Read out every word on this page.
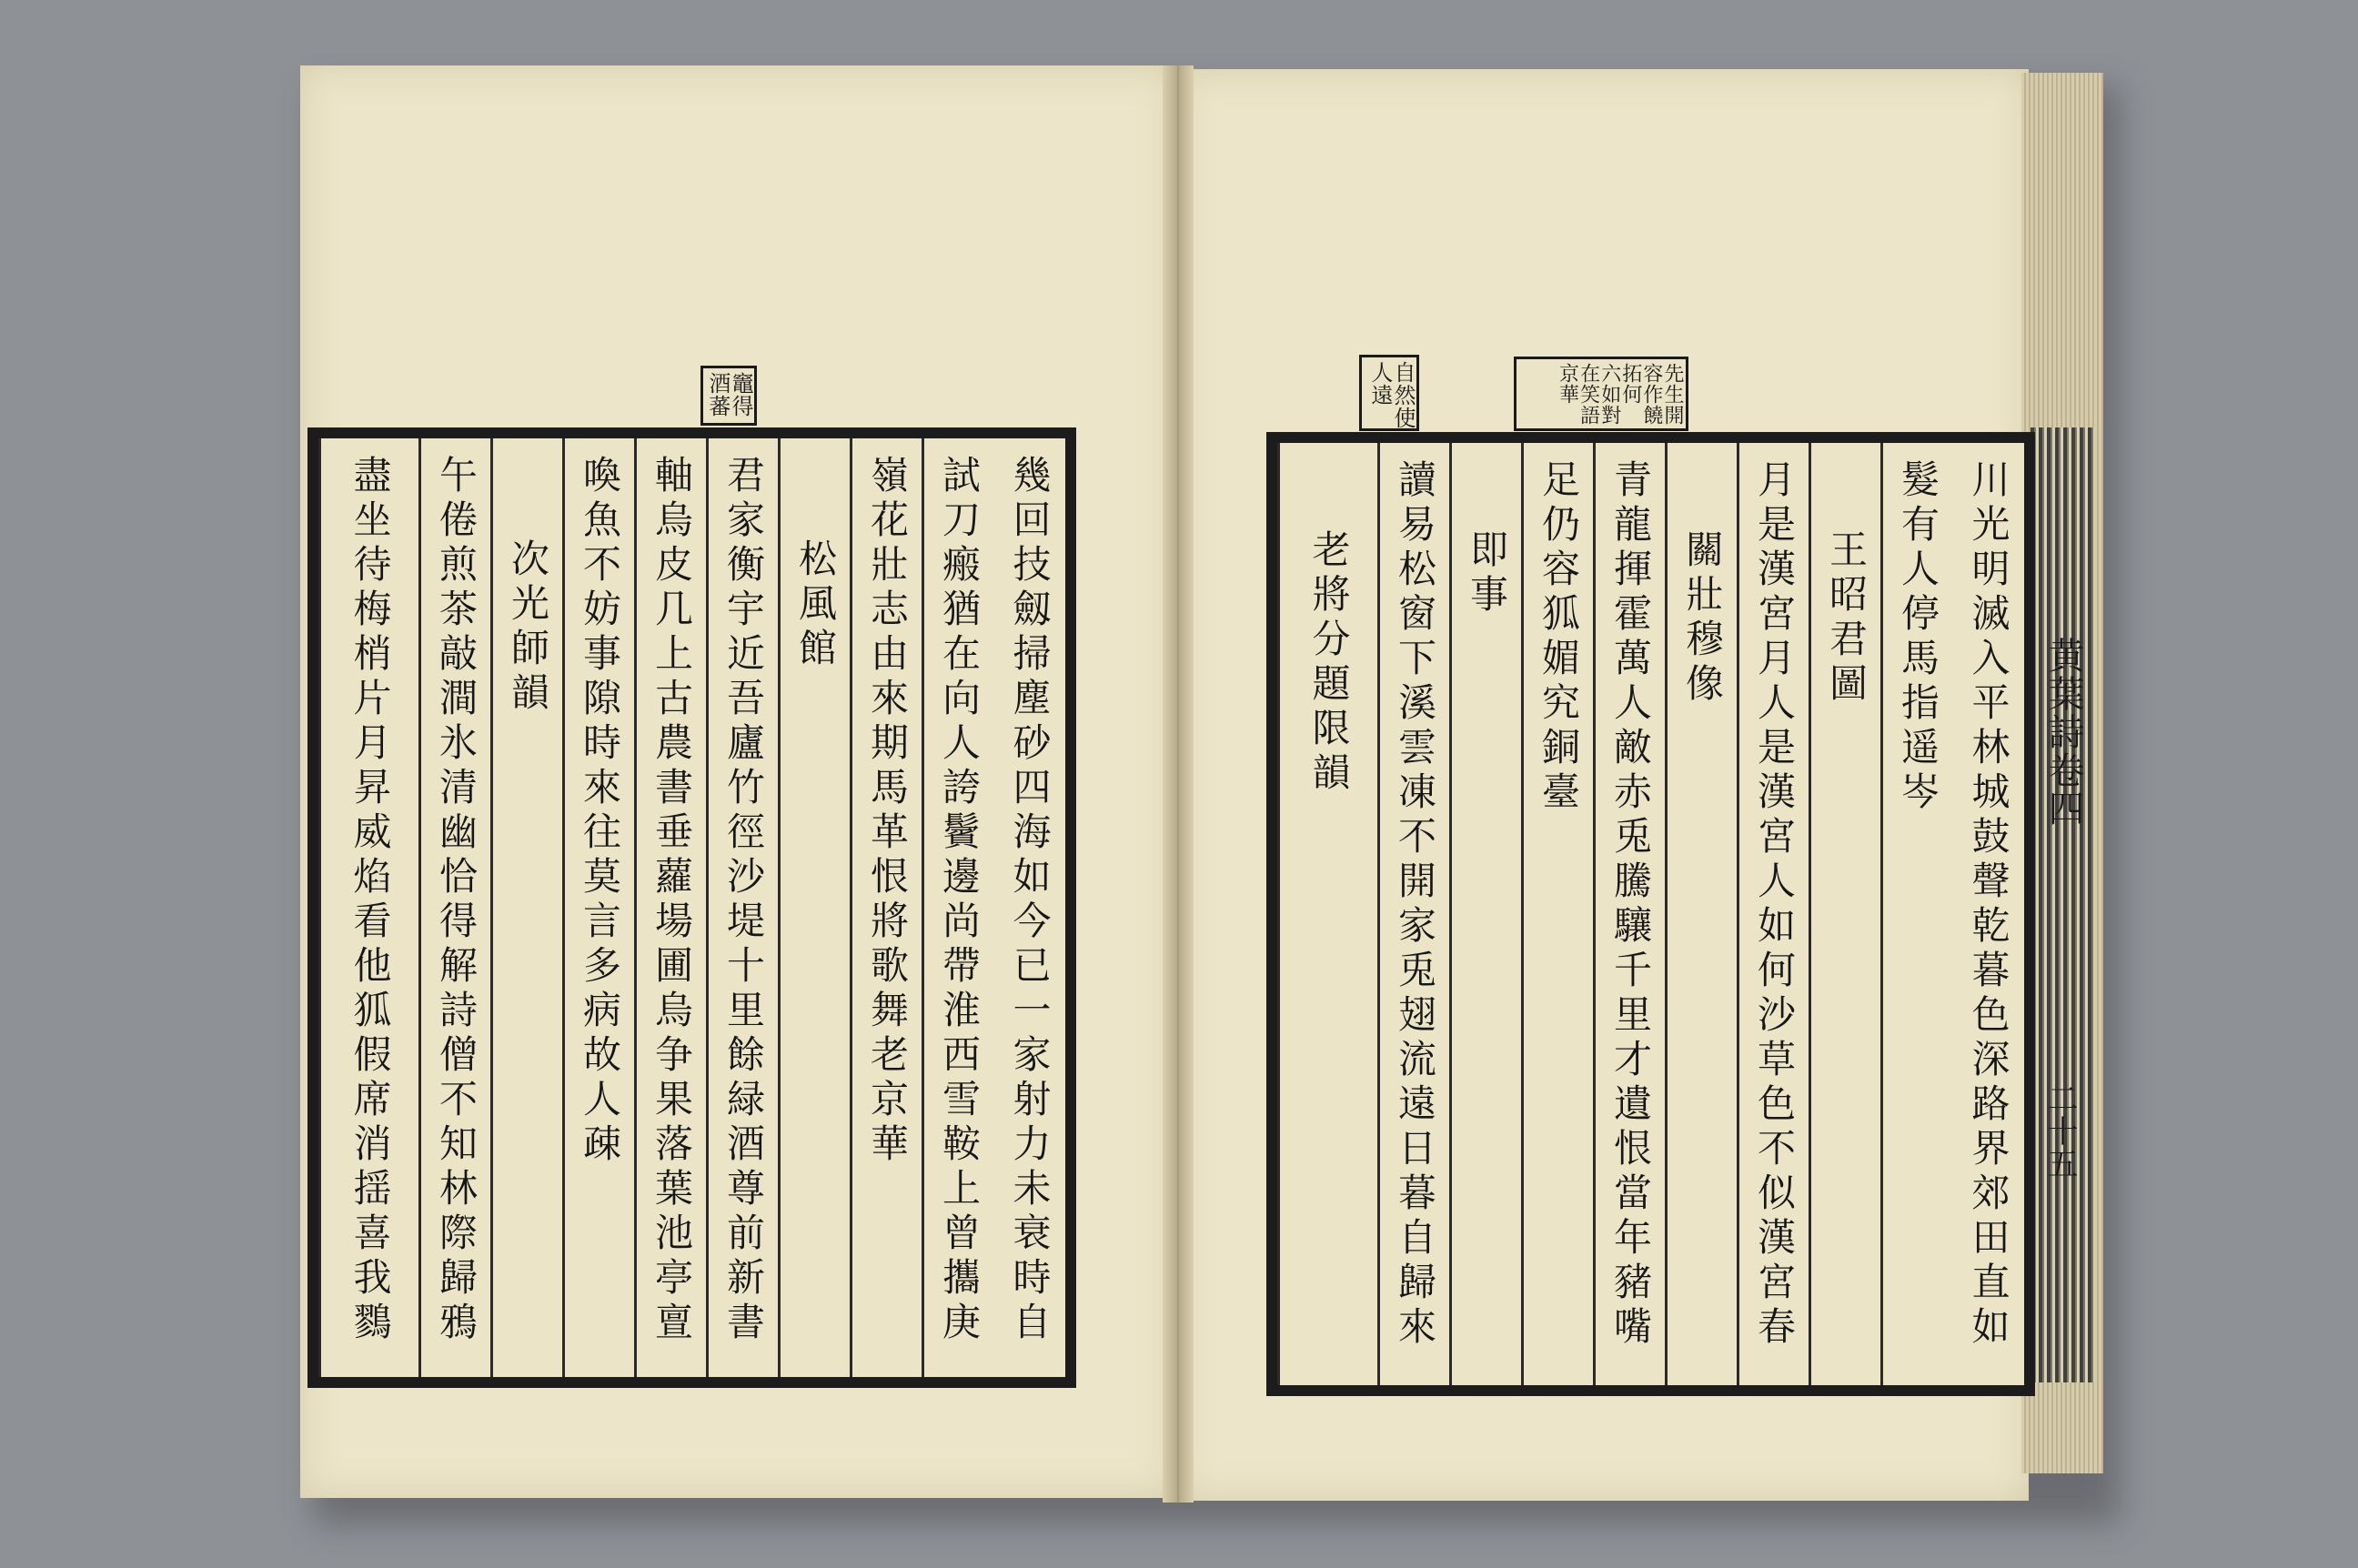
竈得
酒蕃
幾回技劔掃塵砂四海如今已一家射力未衰時自
試刀瘢猶在向人誇鬢邊尚帶淮西雪鞍上曾攜庚
嶺花壯志由來期馬革恨將歌舞老京華
松風館
君家衡宇近吾廬竹徑沙堤十里餘緑酒尊前新書
軸烏皮几上古農書垂蘿場圃烏争果落葉池亭亶
喚魚不妨事隙時來往莫言多病故人疎
次光師韻
午倦煎茶敲澗氷清幽恰得解詩僧不知林際歸鴉
盡坐待梅梢片月昇威焰看他狐假席消揺喜我鷚
自然使
人遠	先生開
容作饒
拓何
六如對
在笑語
京華
黄葉詩卷四
二十五
川光明滅入平林城鼓聲乾暮色深路界郊田直如
髮有人停馬指遥岑
王昭君圖
月是漢宮月人是漢宮人如何沙草色不似漢宮春
關壯穆像
青龍揮霍萬人敵赤兎騰驤千里才遺恨當年豬嘴
足仍容狐媚究銅臺
即事
讀易松窗下溪雲凍不開家兎翅流遠日暮自歸來
老將分題限韻
